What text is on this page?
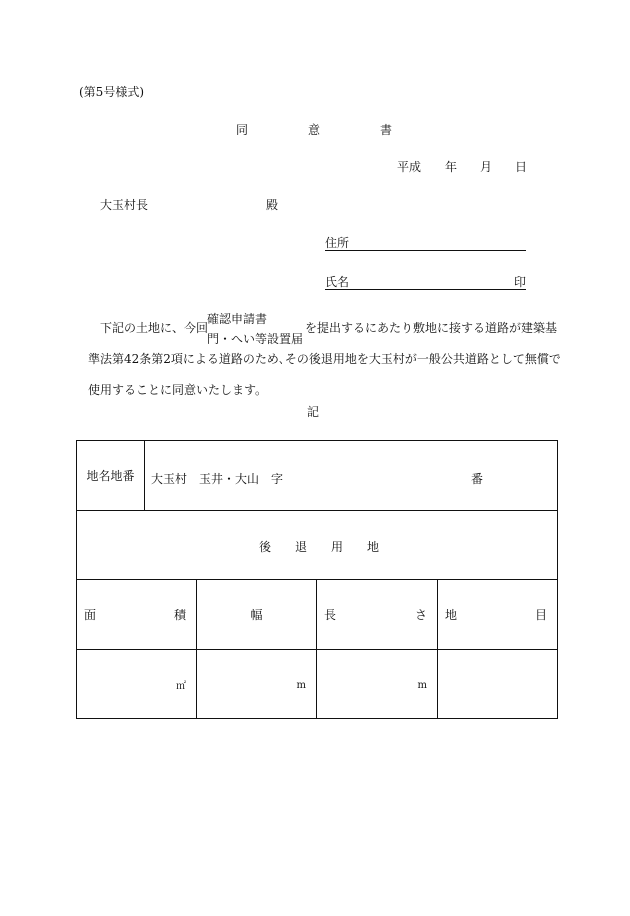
(第5号様式)
同	意	書
平成 年 月 日
大玉村長	殿
住所
氏名	印
下記の土地に、今回
確認申請書
門・へい等設置届
を提出するにあたり敷地に接する道路が建築基
準法第42条第2項による道路のため､その後退用地を大玉村が一般公共道路として無償で
使用することに同意いたします。
記
地名地番	大玉村　玉井・大山　字 番			

後 退 用 地				

面 積		幅	長 さ	地 目

㎡		m	m	
